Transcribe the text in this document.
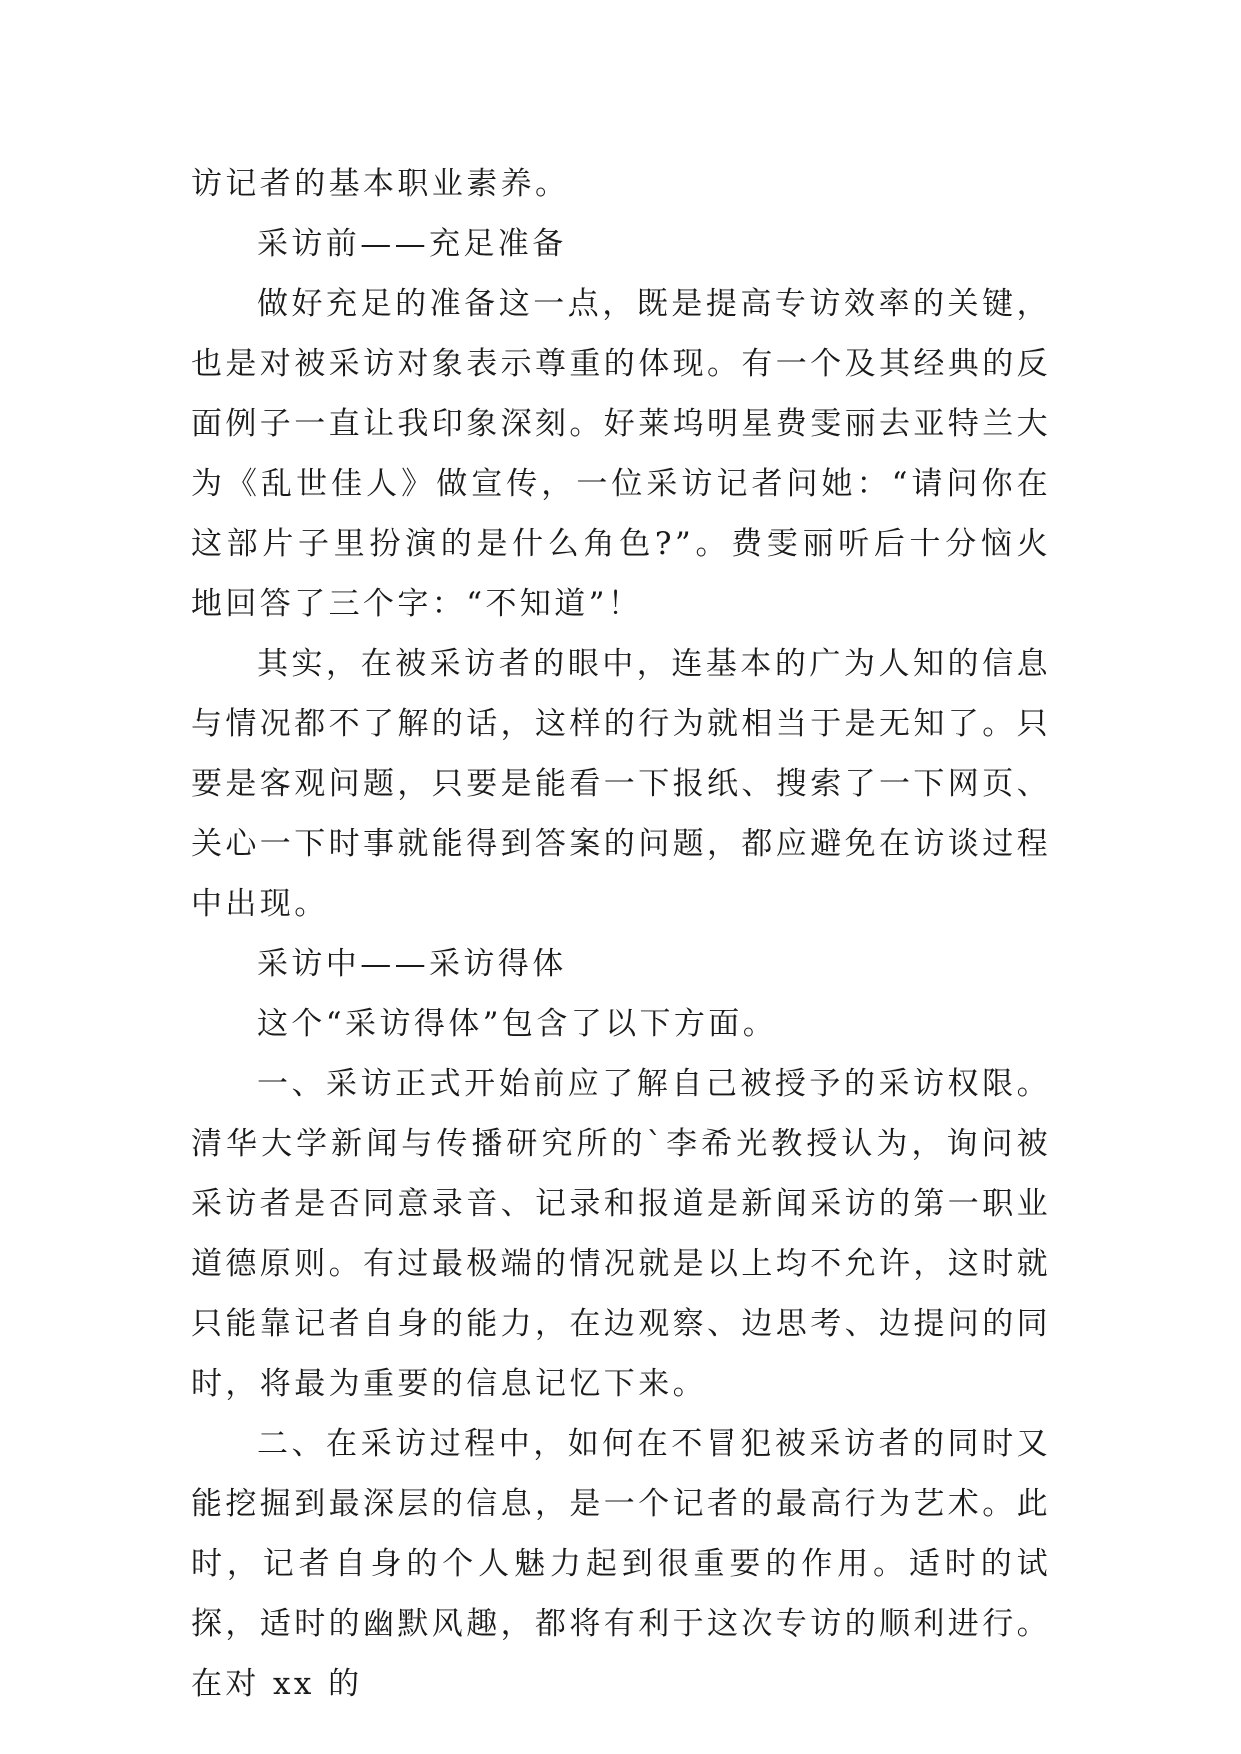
访记者的基本职业素养。

采访前——充足准备

做好充足的准备这一点，既是提高专访效率的关键，也是对被采访对象表示尊重的体现。有一个及其经典的反面例子一直让我印象深刻。好莱坞明星费雯丽去亚特兰大为《乱世佳人》做宣传，一位采访记者问她：“请问你在这部片子里扮演的是什么角色?”。费雯丽听后十分恼火地回答了三个字：“不知道”！

其实，在被采访者的眼中，连基本的广为人知的信息与情况都不了解的话，这样的行为就相当于是无知了。只要是客观问题，只要是能看一下报纸、搜索了一下网页、关心一下时事就能得到答案的问题，都应避免在访谈过程中出现。

采访中——采访得体

这个“采访得体”包含了以下方面。

一、采访正式开始前应了解自己被授予的采访权限。清华大学新闻与传播研究所的`李希光教授认为，询问被采访者是否同意录音、记录和报道是新闻采访的第一职业道德原则。有过最极端的情况就是以上均不允许，这时就只能靠记者自身的能力，在边观察、边思考、边提问的同时，将最为重要的信息记忆下来。

二、在采访过程中，如何在不冒犯被采访者的同时又能挖掘到最深层的信息，是一个记者的最高行为艺术。此时，记者自身的个人魅力起到很重要的作用。适时的试探，适时的幽默风趣，都将有利于这次专访的顺利进行。在对 xx 的
